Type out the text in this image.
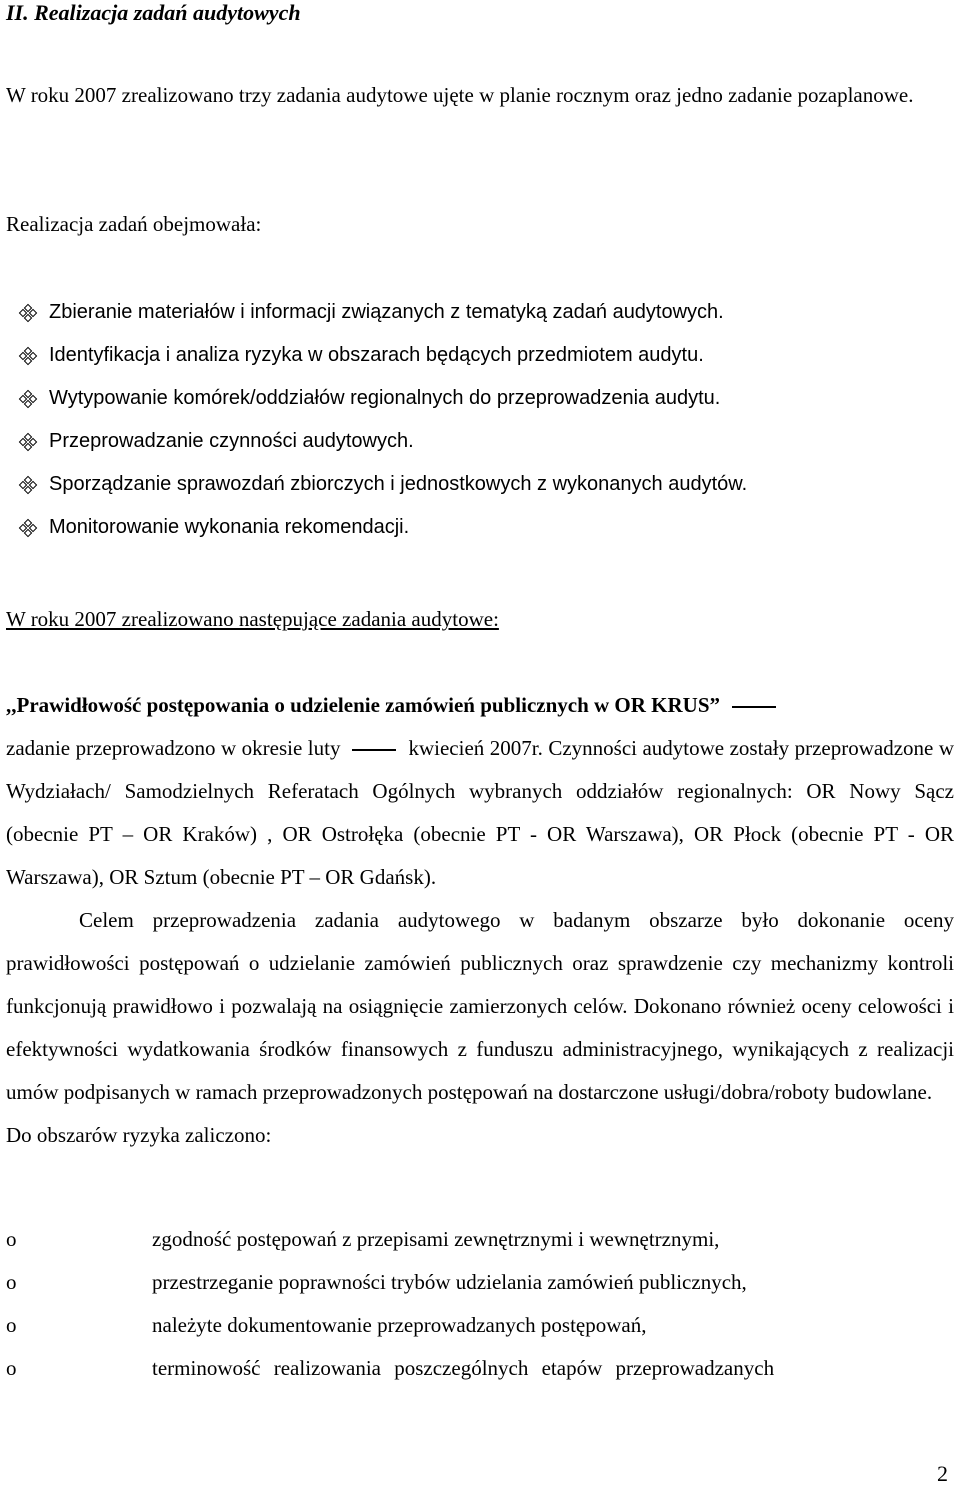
II. Realizacja zadań audytowych

W roku 2007 zrealizowano trzy zadania audytowe ujęte w planie rocznym oraz jedno zadanie pozaplanowe.

Realizacja zadań obejmowała:

Zbieranie materiałów i informacji związanych z tematyką zadań audytowych.
Identyfikacja i analiza ryzyka w obszarach będących przedmiotem audytu.
Wytypowanie komórek/oddziałów regionalnych do przeprowadzenia audytu.
Przeprowadzanie czynności audytowych.
Sporządzanie sprawozdań zbiorczych i jednostkowych z wykonanych audytów.
Monitorowanie wykonania rekomendacji.

W roku 2007 zrealizowano następujące zadania audytowe:

,,Prawidłowość postępowania o udzielenie zamówień publicznych w OR KRUS”

zadanie przeprowadzono w okresie luty	kwiecień 2007r. Czynności audytowe zostały przeprowadzone w Wydziałach/ Samodzielnych Referatach Ogólnych wybranych oddziałów regionalnych: OR Nowy Sącz (obecnie PT – OR Kraków) , OR Ostrołęka (obecnie PT - OR Warszawa), OR Płock (obecnie PT - OR Warszawa), OR Sztum (obecnie PT – OR Gdańsk).

Celem przeprowadzenia zadania audytowego w badanym obszarze było dokonanie oceny prawidłowości postępowań o udzielanie zamówień publicznych oraz sprawdzenie czy mechanizmy kontroli funkcjonują prawidłowo i pozwalają na osiągnięcie zamierzonych celów. Dokonano również oceny celowości i efektywności wydatkowania środków finansowych z funduszu administracyjnego, wynikających z realizacji umów podpisanych w ramach przeprowadzonych postępowań na dostarczone usługi/dobra/roboty budowlane.

Do obszarów ryzyka zaliczono:

o	zgodność postępowań z przepisami zewnętrznymi i wewnętrznymi,
o	przestrzeganie poprawności trybów udzielania zamówień publicznych,
o	należyte dokumentowanie przeprowadzanych postępowań,
o	terminowość realizowania poszczególnych etapów przeprowadzanych
2
